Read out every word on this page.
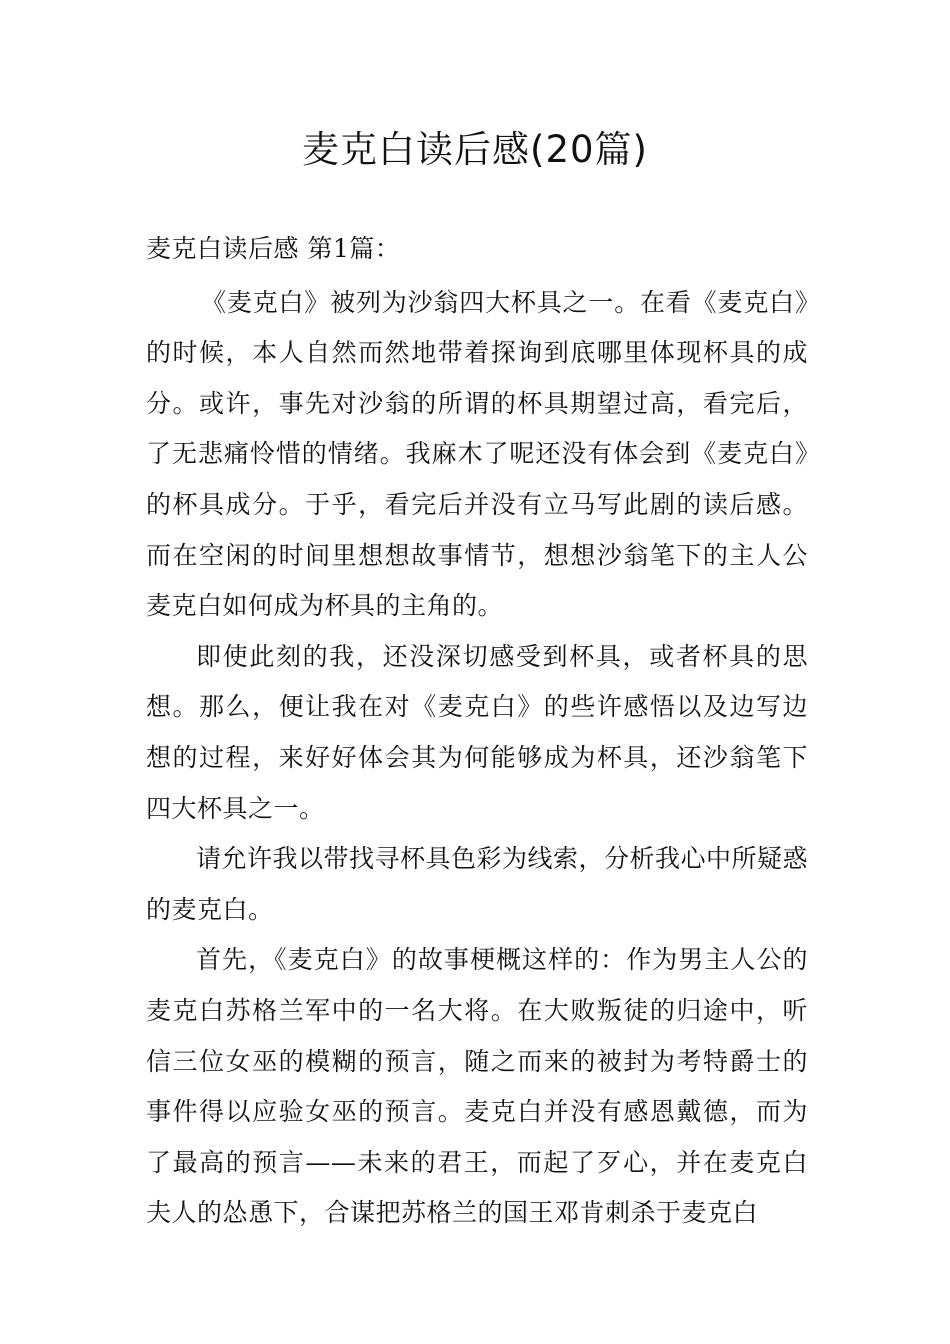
麦克白读后感(20篇)
麦克白读后感 第1篇：

《麦克白》被列为沙翁四大杯具之一。在看《麦克白》的时候，本人自然而然地带着探询到底哪里体现杯具的成分。或许，事先对沙翁的所谓的杯具期望过高，看完后，了无悲痛怜惜的情绪。我麻木了呢还没有体会到《麦克白》的杯具成分。于乎，看完后并没有立马写此剧的读后感。而在空闲的时间里想想故事情节，想想沙翁笔下的主人公麦克白如何成为杯具的主角的。

即使此刻的我，还没深切感受到杯具，或者杯具的思想。那么，便让我在对《麦克白》的些许感悟以及边写边想的过程，来好好体会其为何能够成为杯具，还沙翁笔下四大杯具之一。

请允许我以带找寻杯具色彩为线索，分析我心中所疑惑的麦克白。

首先，《麦克白》的故事梗概这样的：作为男主人公的麦克白苏格兰军中的一名大将。在大败叛徒的归途中，听信三位女巫的模糊的预言，随之而来的被封为考特爵士的事件得以应验女巫的预言。麦克白并没有感恩戴德，而为了最高的预言——未来的君王，而起了歹心，并在麦克白夫人的怂恿下，合谋把苏格兰的国王邓肯刺杀于麦克白
